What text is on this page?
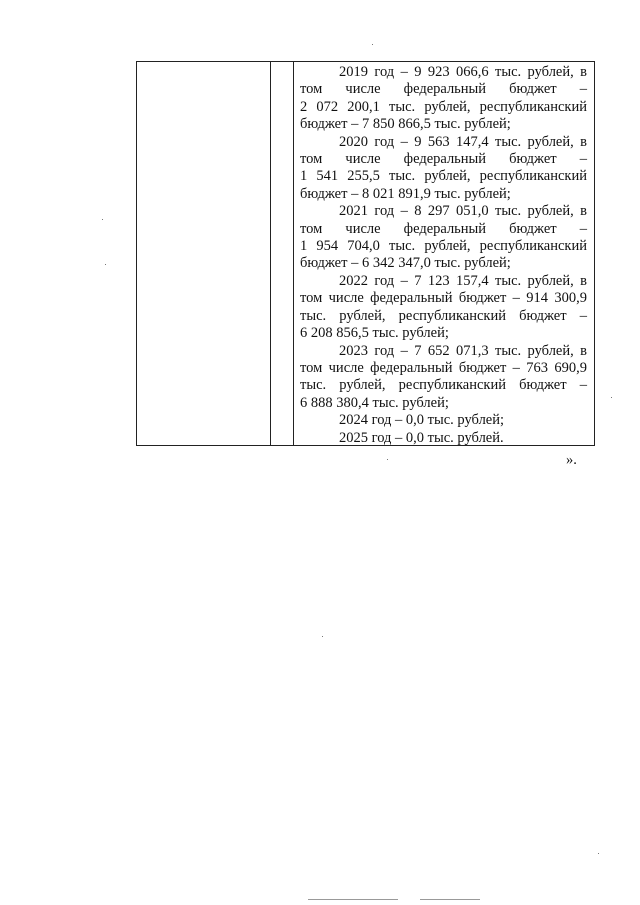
2019 год – 9 923 066,6 тыс. рублей, в
том числе федеральный бюджет –
2 072 200,1 тыс. рублей, республиканский
бюджет – 7 850 866,5 тыс. рублей;
2020 год – 9 563 147,4 тыс. рублей, в
том числе федеральный бюджет –
1 541 255,5 тыс. рублей, республиканский
бюджет – 8 021 891,9 тыс. рублей;
2021 год – 8 297 051,0 тыс. рублей, в
том числе федеральный бюджет –
1 954 704,0 тыс. рублей, республиканский
бюджет – 6 342 347,0 тыс. рублей;
2022 год – 7 123 157,4 тыс. рублей, в
том числе федеральный бюджет – 914 300,9
тыс. рублей, республиканский бюджет –
6 208 856,5 тыс. рублей;
2023 год – 7 652 071,3 тыс. рублей, в
том числе федеральный бюджет – 763 690,9
тыс. рублей, республиканский бюджет –
6 888 380,4 тыс. рублей;
2024 год – 0,0 тыс. рублей;
2025 год – 0,0 тыс. рублей.
».
